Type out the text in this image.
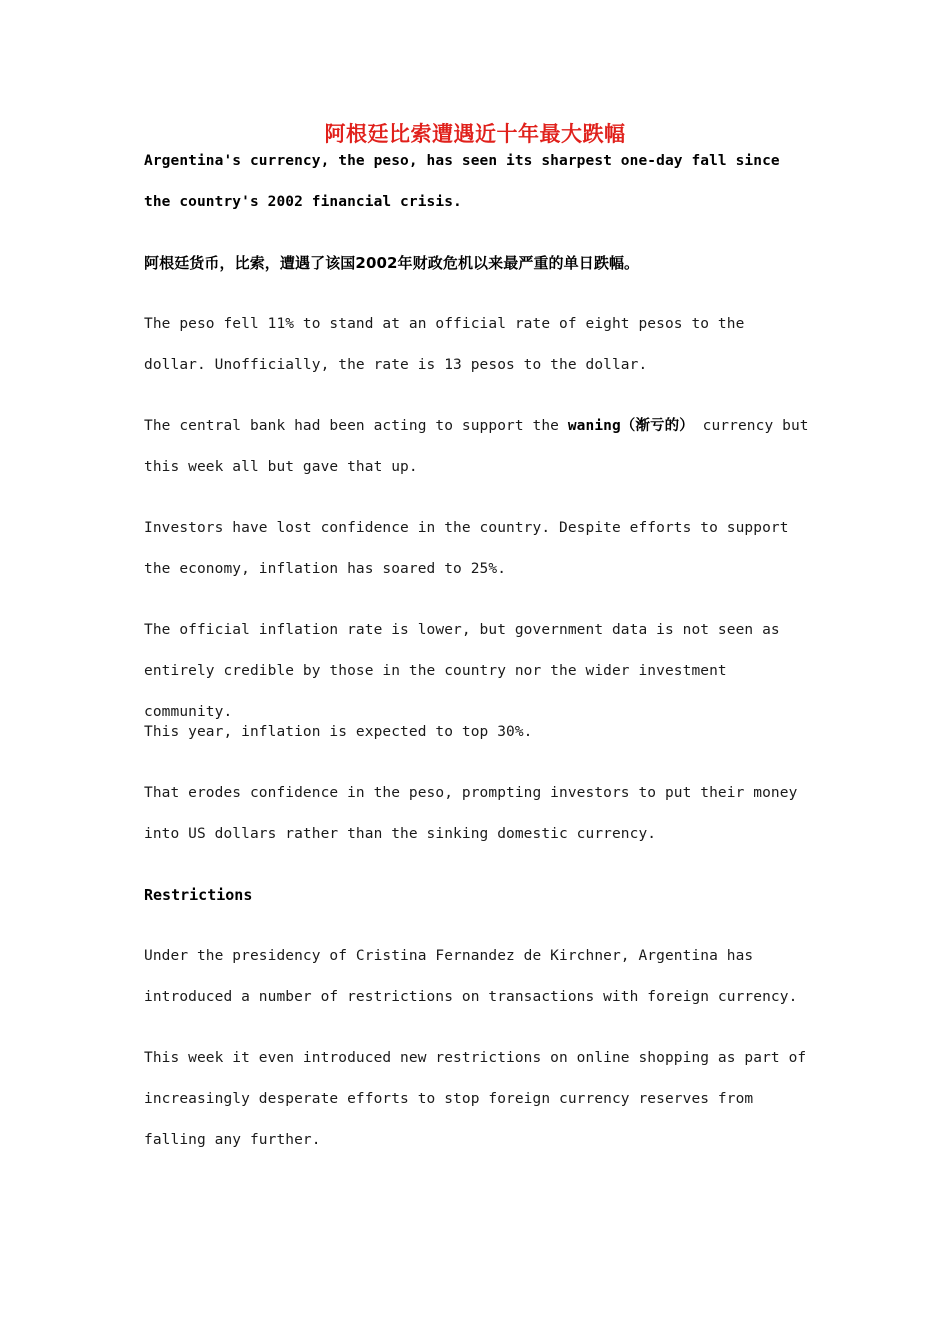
阿根廷比索遭遇近十年最大跌幅

Argentina's currency, the peso, has seen its sharpest one-day fall since the country's 2002 financial crisis.

阿根廷货币，比索，遭遇了该国2002年财政危机以来最严重的单日跌幅。

The peso fell 11% to stand at an official rate of eight pesos to the dollar. Unofficially, the rate is 13 pesos to the dollar.

The central bank had been acting to support the waning（渐亏的） currency but this week all but gave that up.

Investors have lost confidence in the country. Despite efforts to support the economy, inflation has soared to 25%.

The official inflation rate is lower, but government data is not seen as entirely credible by those in the country nor the wider investment community.

This year, inflation is expected to top 30%.

That erodes confidence in the peso, prompting investors to put their money into US dollars rather than the sinking domestic currency.

Restrictions

Under the presidency of Cristina Fernandez de Kirchner, Argentina has introduced a number of restrictions on transactions with foreign currency.

This week it even introduced new restrictions on online shopping as part of increasingly desperate efforts to stop foreign currency reserves from falling any further.
